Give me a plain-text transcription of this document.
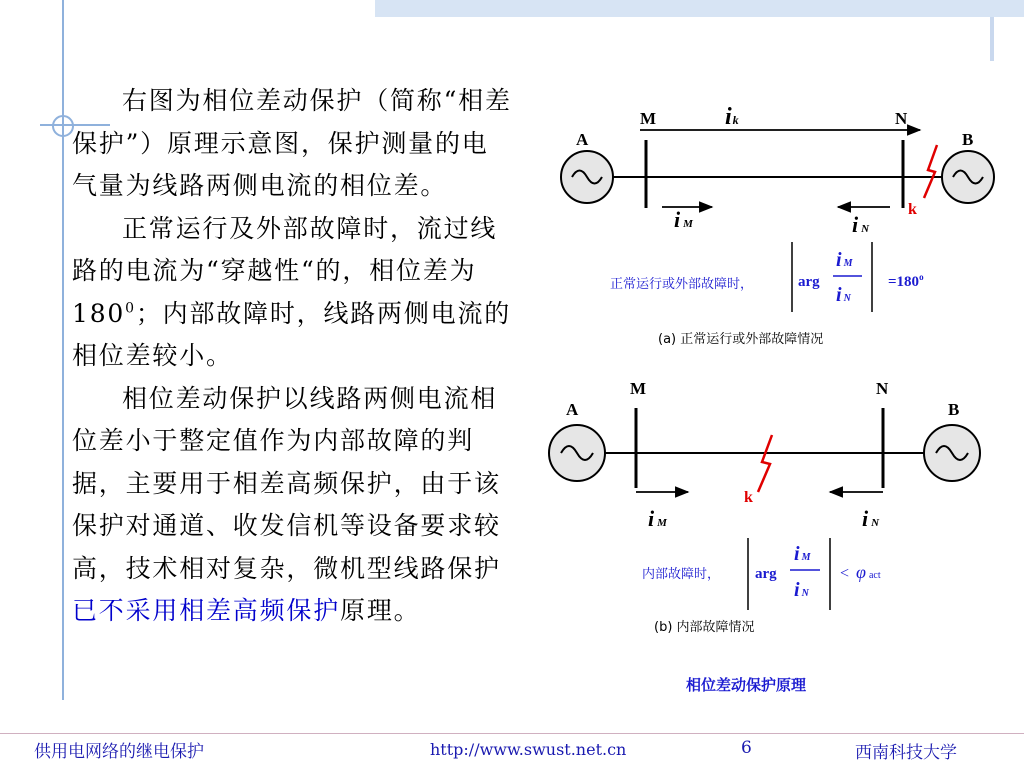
右图为相位差动保护（简称“相差保护”）原理示意图，保护测量的电气量为线路两侧电流的相位差。

正常运行及外部故障时，流过线路的电流为“穿越性“的，相位差为$180^0$；内部故障时，线路两侧电流的相位差较小。

相位差动保护以线路两侧电流相位差小于整定值作为内部故障的判据，主要用于相差高频保护，由于该保护对通道、收发信机等设备要求较高，技术相对复杂，微机型线路保护已不采用相差高频保护原理。

A	B
M	N
ik
k
i M	i N
正常运行或外部故障时，	arg
i M
i N
$=180^o$
(a) 正常运行或外部故障情况
A	B
M	N
k
i M	i N
内部故障时， arg
i M
i N
< φact
(b) 内部故障情况
相位差动保护原理
供用电网络的继电保护	http://www.swust.net.cn	6	西南科技大学
